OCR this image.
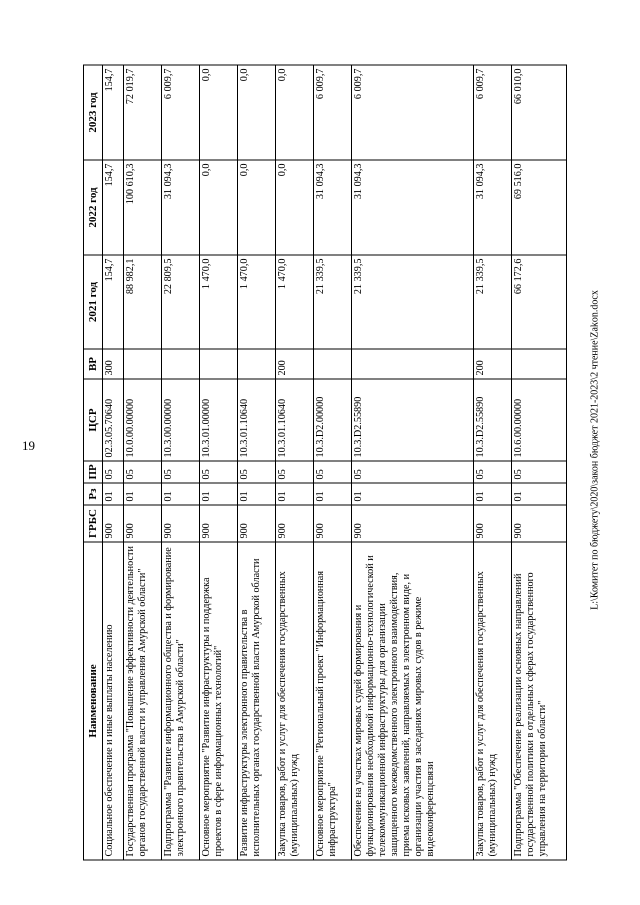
19	L:\Комитет по бюджету\2020\закон бюджет 2021-2023\2 чтение\Zakon.docx
Наименование	ГРБС	Рз	ПР	ЦСР	ВР	2021 год	2022 год	2023 год
Социальное обеспечение и иные выплаты населению	900	01	05	02.3.05.70640	300	154,7	154,7	154,7
Государственная программа "Повышение эффективности деятельности органов государственной власти и управления Амурской области"	900	01	05	10.0.00.00000		88 982,1	100 610,3	72 019,7
Подпрограмма "Развитие информационного общества и формирование электронного правительства в Амурской области"	900	01	05	10.3.00.00000		22 809,5	31 094,3	6 009,7
Основное мероприятие "Развитие инфраструктуры и поддержка проектов в сфере информационных технологий"	900	01	05	10.3.01.00000		1 470,0	0,0	0,0
Развитие инфраструктуры электронного правительства в исполнительных органах государственной власти Амурской области	900	01	05	10.3.01.10640		1 470,0	0,0	0,0
Закупка товаров, работ и услуг для обеспечения государственных (муниципальных) нужд	900	01	05	10.3.01.10640	200	1 470,0	0,0	0,0
Основное мероприятие "Региональный проект "Информационная инфраструктура"	900	01	05	10.3.D2.00000		21 339,5	31 094,3	6 009,7
Обеспечение на участках мировых судей формирования и функционирования необходимой информационно-технологической и телекоммуникационной инфраструктуры для организации защищенного межведомственного электронного взаимодействия, приема исковых заявлений, направляемых в электронном виде, и организации участия в заседаниях мировых судов в режиме видеоконференцсвязи	900	01	05	10.3.D2.55890		21 339,5	31 094,3	6 009,7
Закупка товаров, работ и услуг для обеспечения государственных (муниципальных) нужд	900	01	05	10.3.D2.55890	200	21 339,5	31 094,3	6 009,7
Подпрограмма "Обеспечение реализации основных направлений государственной политики в отдельных сферах государственного управления на территории области"	900	01	05	10.6.00.00000		66 172,6	69 516,0	66 010,0
